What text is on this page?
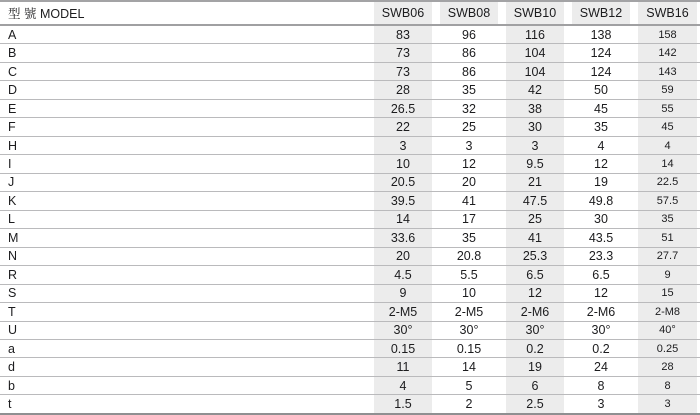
型 號 MODEL	SWB06	SWB08	SWB10	SWB12	SWB16
A	83	96	116	138	158
B	73	86	104	124	142
C	73	86	104	124	143
D	28	35	42	50	59
E	26.5	32	38	45	55
F	22	25	30	35	45
H	3	3	3	4	4
I	10	12	9.5	12	14
J	20.5	20	21	19	22.5
K	39.5	41	47.5	49.8	57.5
L	14	17	25	30	35
M	33.6	35	41	43.5	51
N	20	20.8	25.3	23.3	27.7
R	4.5	5.5	6.5	6.5	9
S	9	10	12	12	15
T	2-M5	2-M5	2-M6	2-M6	2-M8
U	30°	30°	30°	30°	40°
a	0.15	0.15	0.2	0.2	0.25
d	11	14	19	24	28
b	4	5	6	8	8
t	1.5	2	2.5	3	3
